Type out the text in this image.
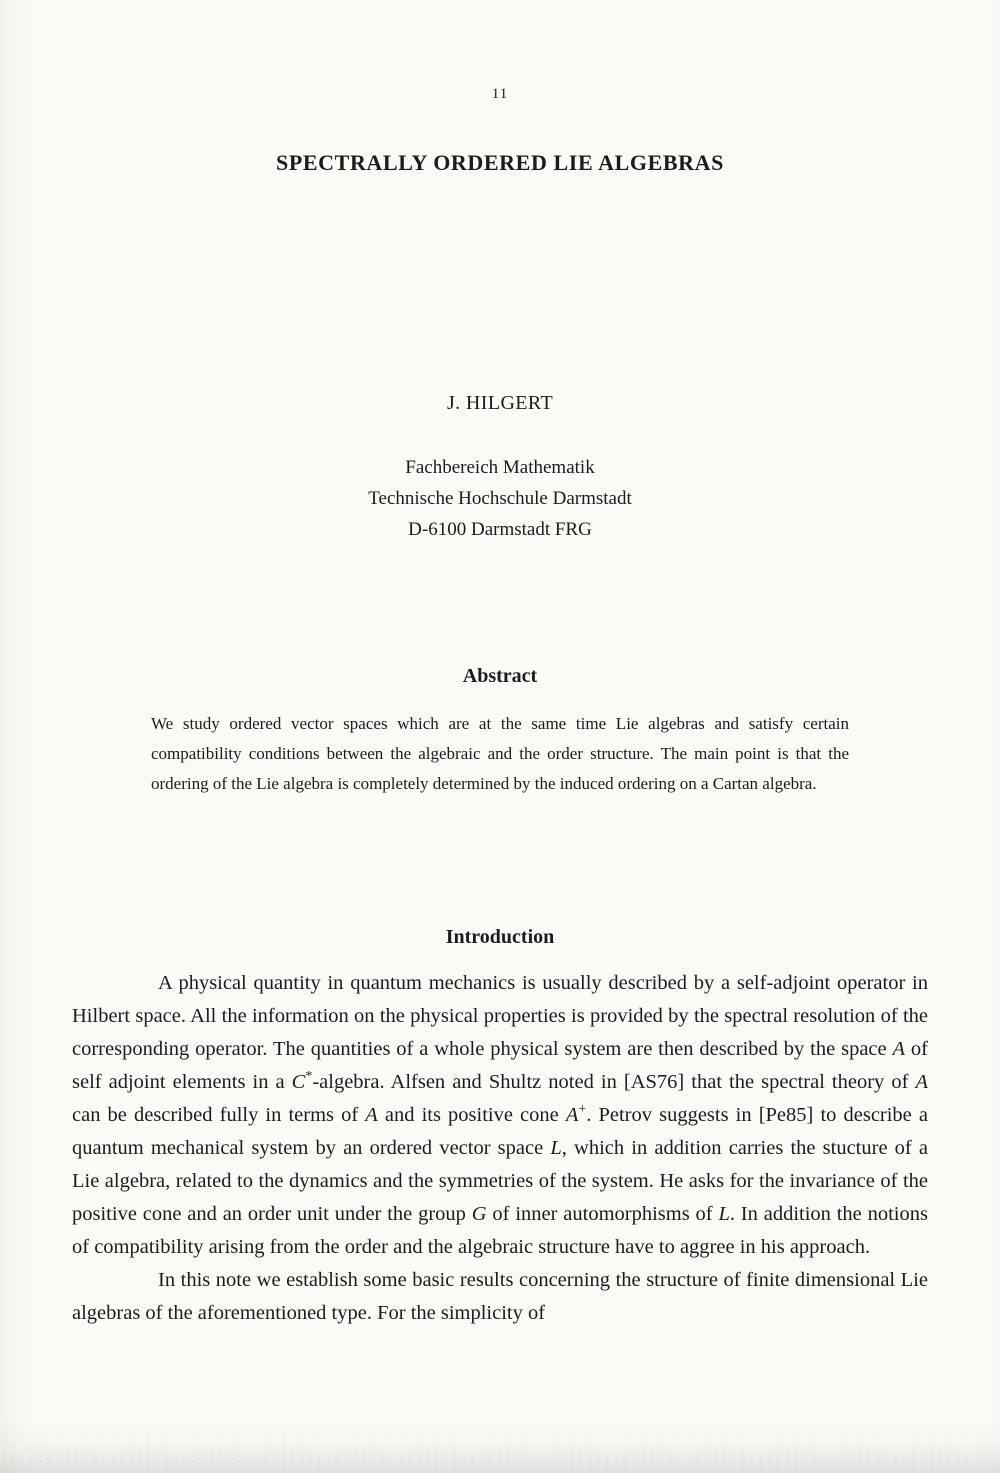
11
SPECTRALLY ORDERED LIE ALGEBRAS
J. HILGERT
Fachbereich Mathematik
Technische Hochschule Darmstadt
D-6100 Darmstadt FRG
Abstract

We study ordered vector spaces which are at the same time Lie algebras and satisfy certain compatibility conditions between the algebraic and the order structure. The main point is that the ordering of the Lie algebra is completely determined by the induced ordering on a Cartan algebra.

Introduction

A physical quantity in quantum mechanics is usually described by a self-adjoint operator in Hilbert space. All the information on the physical properties is provided by the spectral resolution of the corresponding operator. The quantities of a whole physical system are then described by the space A of self adjoint elements in a C*-algebra. Alfsen and Shultz noted in [AS76] that the spectral theory of A can be described fully in terms of A and its positive cone A+. Petrov suggests in [Pe85] to describe a quantum mechanical system by an ordered vector space L, which in addition carries the stucture of a Lie algebra, related to the dynamics and the symmetries of the system. He asks for the invariance of the positive cone and an order unit under the group G of inner automorphisms of L. In addition the notions of compatibility arising from the order and the algebraic structure have to aggree in his approach.

In this note we establish some basic results concerning the structure of finite dimensional Lie algebras of the aforementioned type. For the simplicity of
